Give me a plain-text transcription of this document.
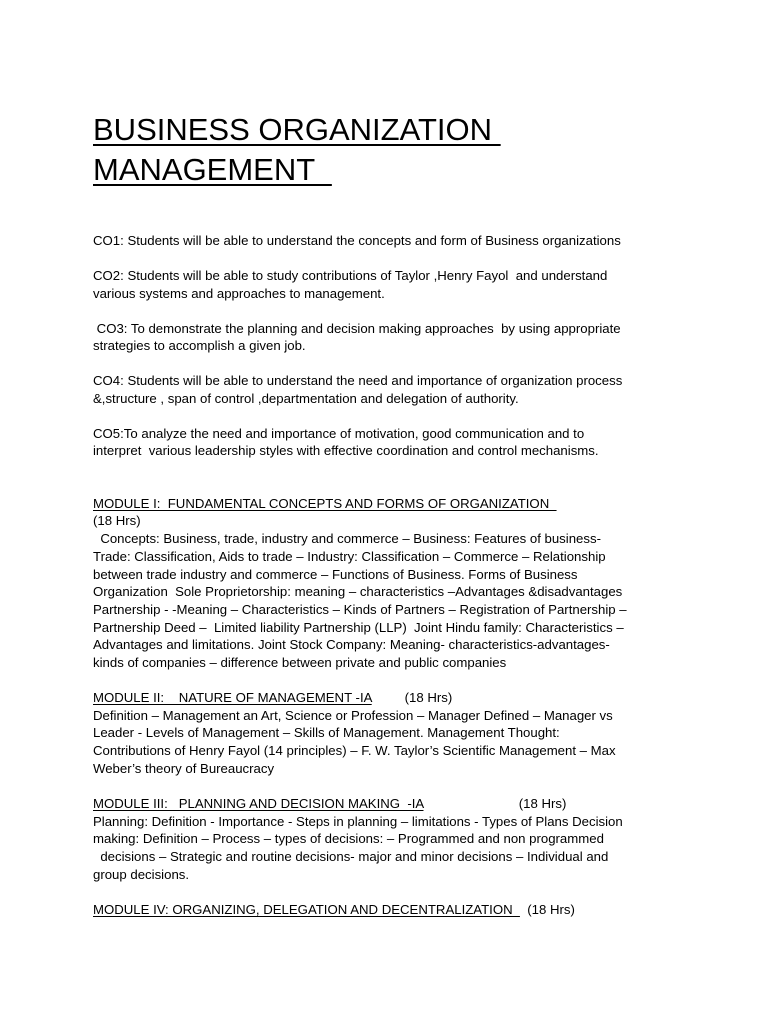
BUSINESS ORGANIZATION
MANAGEMENT

CO1: Students will be able to understand the concepts and form of Business organizations

CO2: Students will be able to study contributions of Taylor ,Henry Fayol  and understand
various systems and approaches to management.

CO3: To demonstrate the planning and decision making approaches  by using appropriate
strategies to accomplish a given job.

CO4: Students will be able to understand the need and importance of organization process
&,structure , span of control ,departmentation and delegation of authority.

CO5:To analyze the need and importance of motivation, good communication and to
interpret  various leadership styles with effective coordination and control mechanisms.

MODULE I:  FUNDAMENTAL CONCEPTS AND FORMS OF ORGANIZATION

(18 Hrs)
Concepts: Business, trade, industry and commerce – Business: Features of business-
Trade: Classification, Aids to trade – Industry: Classification – Commerce – Relationship
between trade industry and commerce – Functions of Business. Forms of Business
Organization  Sole Proprietorship: meaning – characteristics –Advantages &disadvantages
Partnership - -Meaning – Characteristics – Kinds of Partners – Registration of Partnership –
Partnership Deed –  Limited liability Partnership (LLP)  Joint Hindu family: Characteristics –
Advantages and limitations. Joint Stock Company: Meaning- characteristics-advantages-
kinds of companies – difference between private and public companies

MODULE II:    NATURE OF MANAGEMENT -IA         (18 Hrs)

Definition – Management an Art, Science or Profession – Manager Defined – Manager vs
Leader - Levels of Management – Skills of Management. Management Thought:
Contributions of Henry Fayol (14 principles) – F. W. Taylor’s Scientific Management – Max
Weber’s theory of Bureaucracy

MODULE III:   PLANNING AND DECISION MAKING  -IA                          (18 Hrs)

Planning: Definition - Importance - Steps in planning – limitations - Types of Plans Decision
making: Definition – Process – types of decisions: – Programmed and non programmed
decisions – Strategic and routine decisions- major and minor decisions – Individual and
group decisions.

MODULE IV: ORGANIZING, DELEGATION AND DECENTRALIZATION    (18 Hrs)
